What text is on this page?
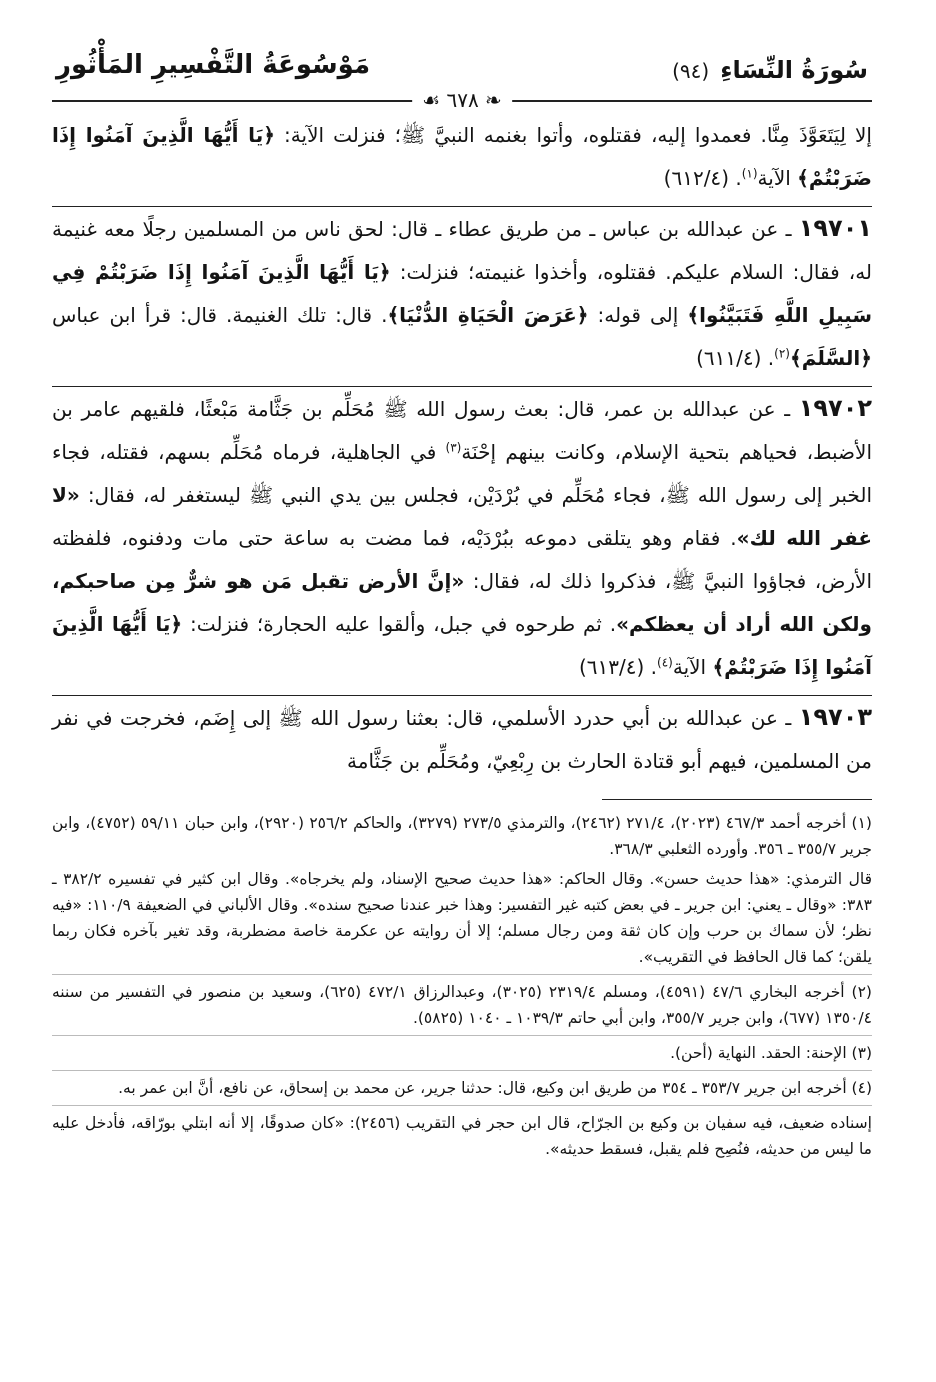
سُورَةُ النِّسَاءِ (٩٤)
مَوْسُوعَةُ التَّفْسِيرِ المَأْثُورِ
❧ ٦٧٨ ☙

إلا لِيَتَعَوَّذَ مِنَّا. فعمدوا إليه، فقتلوه، وأتوا بغنمه النبيَّ ﷺ؛ فنزلت الآية: ﴿يَا أَيُّهَا الَّذِينَ آمَنُوا إِذَا ضَرَبْتُمْ﴾ الآية$^{(١)}$. (٦١٢/٤)

١٩٧٠١ ـ عن عبدالله بن عباس ـ من طريق عطاء ـ قال: لحق ناس من المسلمين رجلًا معه غنيمة له، فقال: السلام عليكم. فقتلوه، وأخذوا غنيمته؛ فنزلت: ﴿يَا أَيُّهَا الَّذِينَ آمَنُوا إِذَا ضَرَبْتُمْ فِي سَبِيلِ اللَّهِ فَتَبَيَّنُوا﴾ إلى قوله: ﴿عَرَضَ الْحَيَاةِ الدُّنْيَا﴾. قال: تلك الغنيمة. قال: قرأ ابن عباس ﴿السَّلَمَ﴾$^{(٢)}$. (٦١١/٤)

١٩٧٠٢ ـ عن عبدالله بن عمر، قال: بعث رسول الله ﷺ مُحَلِّم بن جَثَّامة مَبْعثًا، فلقيهم عامر بن الأضبط، فحياهم بتحية الإسلام، وكانت بينهم إحْنَة$^{(٣)}$ في الجاهلية، فرماه مُحَلِّم بسهم، فقتله، فجاء الخبر إلى رسول الله ﷺ، فجاء مُحَلِّم في بُرْدَيْن، فجلس بين يدي النبي ﷺ ليستغفر له، فقال: «لا غفر الله لك». فقام وهو يتلقى دموعه ببُرْدَيْه، فما مضت به ساعة حتى مات ودفنوه، فلفظته الأرض، فجاؤوا النبيَّ ﷺ، فذكروا ذلك له، فقال: «إنَّ الأرض تقبل مَن هو شرٌّ مِن صاحبكم، ولكن الله أراد أن يعظكم». ثم طرحوه في جبل، وألقوا عليه الحجارة؛ فنزلت: ﴿يَا أَيُّهَا الَّذِينَ آمَنُوا إِذَا ضَرَبْتُمْ﴾ الآية$^{(٤)}$. (٦١٣/٤)

١٩٧٠٣ ـ عن عبدالله بن أبي حدرد الأسلمي، قال: بعثنا رسول الله ﷺ إلى إِضَم، فخرجت في نفر من المسلمين، فيهم أبو قتادة الحارث بن رِبْعِيّ، ومُحَلِّم بن جَثَّامة

(١) أخرجه أحمد ٤٦٧/٣ (٢٠٢٣)، ٢٧١/٤ (٢٤٦٢)، والترمذي ٢٧٣/٥ (٣٢٧٩)، والحاكم ٢٥٦/٢ (٢٩٢٠)، وابن حبان ٥٩/١١ (٤٧٥٢)، وابن جرير ٣٥٥/٧ ـ ٣٥٦. وأورده الثعلبي ٣٦٨/٣.

قال الترمذي: «هذا حديث حسن». وقال الحاكم: «هذا حديث صحيح الإسناد، ولم يخرجاه». وقال ابن كثير في تفسيره ٣٨٢/٢ ـ ٣٨٣: «وقال ـ يعني: ابن جرير ـ في بعض كتبه غير التفسير: وهذا خبر عندنا صحيح سنده». وقال الألباني في الضعيفة ١١٠/٩: «فيه نظر؛ لأن سماك بن حرب وإن كان ثقة ومن رجال مسلم؛ إلا أن روايته عن عكرمة خاصة مضطربة، وقد تغير بآخره فكان ربما يلقن؛ كما قال الحافظ في التقريب».

(٢) أخرجه البخاري ٤٧/٦ (٤٥٩١)، ومسلم ٢٣١٩/٤ (٣٠٢٥)، وعبدالرزاق ٤٧٢/١ (٦٢٥)، وسعيد بن منصور في التفسير من سننه ١٣٥٠/٤ (٦٧٧)، وابن جرير ٣٥٥/٧، وابن أبي حاتم ١٠٣٩/٣ ـ ١٠٤٠ (٥٨٢٥).

(٣) الإحنة: الحقد. النهاية (أحن).

(٤) أخرجه ابن جرير ٣٥٣/٧ ـ ٣٥٤ من طريق ابن وكيع، قال: حدثنا جرير، عن محمد بن إسحاق، عن نافع، أنَّ ابن عمر به.

إسناده ضعيف، فيه سفيان بن وكيع بن الجرّاح، قال ابن حجر في التقريب (٢٤٥٦): «كان صدوقًا، إلا أنه ابتلي بورّاقه، فأدخل عليه ما ليس من حديثه، فنُصِح فلم يقبل، فسقط حديثه».
